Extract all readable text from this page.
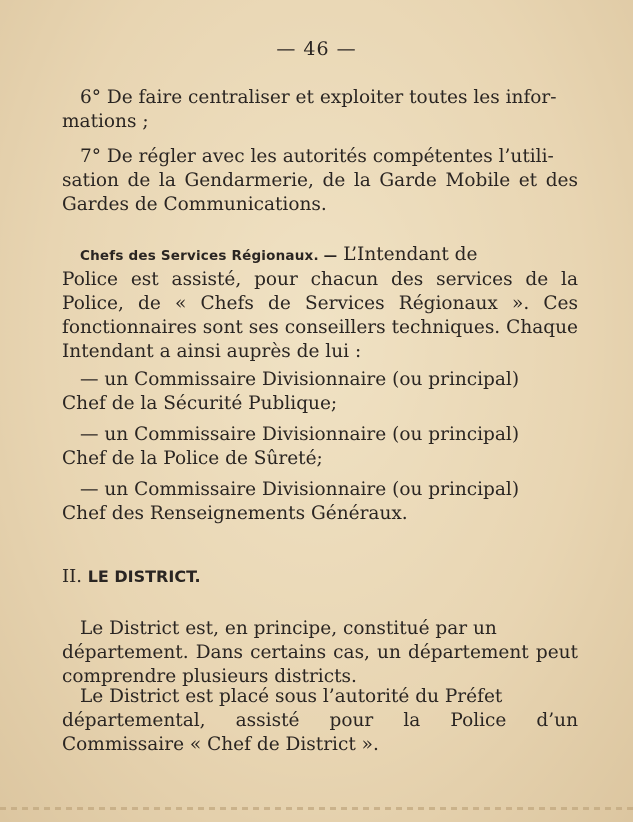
— 46 —
6° De faire centraliser et exploiter toutes les infor-
mations ;
7° De régler avec les autorités compétentes l’utili-
sation de la Gendarmerie, de la Garde Mobile et des Gardes de Communications.
Chefs des Services Régionaux. — L’Intendant de
Police est assisté, pour chacun des services de la Police, de « Chefs de Services Régionaux ». Ces fonctionnaires sont ses conseillers techniques. Chaque Intendant a ainsi auprès de lui :
— un Commissaire Divisionnaire (ou principal)
Chef de la Sécurité Publique;
— un Commissaire Divisionnaire (ou principal)
Chef de la Police de Sûreté;
— un Commissaire Divisionnaire (ou principal)
Chef des Renseignements Généraux.
II. LE DISTRICT.
Le District est, en principe, constitué par un
département. Dans certains cas, un département peut comprendre plusieurs districts.
Le District est placé sous l’autorité du Préfet
départemental, assisté pour la Police d’un Commissaire « Chef de District ».
